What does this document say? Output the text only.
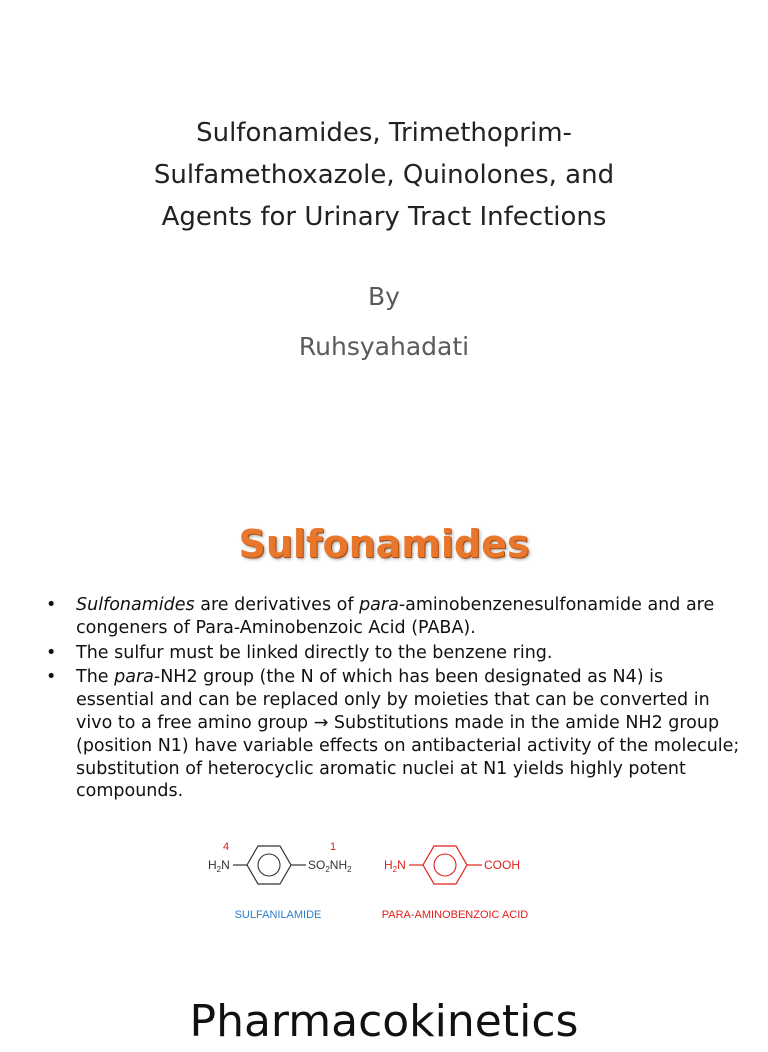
Sulfonamides, Trimethoprim-
Sulfamethoxazole, Quinolones, and
Agents for Urinary Tract Infections
By
Ruhsyahadati
Sulfonamides
• Sulfonamides are derivatives of para-aminobenzenesulfonamide and are congeners of Para-Aminobenzoic Acid (PABA).
• The sulfur must be linked directly to the benzene ring.
• The para-NH2 group (the N of which has been designated as N4) is essential and can be replaced only by moieties that can be converted in vivo to a free amino group → Substitutions made in the amide NH2 group (position N1) have variable effects on antibacterial activity of the molecule; substitution of heterocyclic aromatic nuclei at N1 yields highly potent compounds.
4	1
$H_2N$	$SO_2NH_2$
SULFANILAMIDE
$H_2N$	COOH
PARA-AMINOBENZOIC ACID
Pharmacokinetics
